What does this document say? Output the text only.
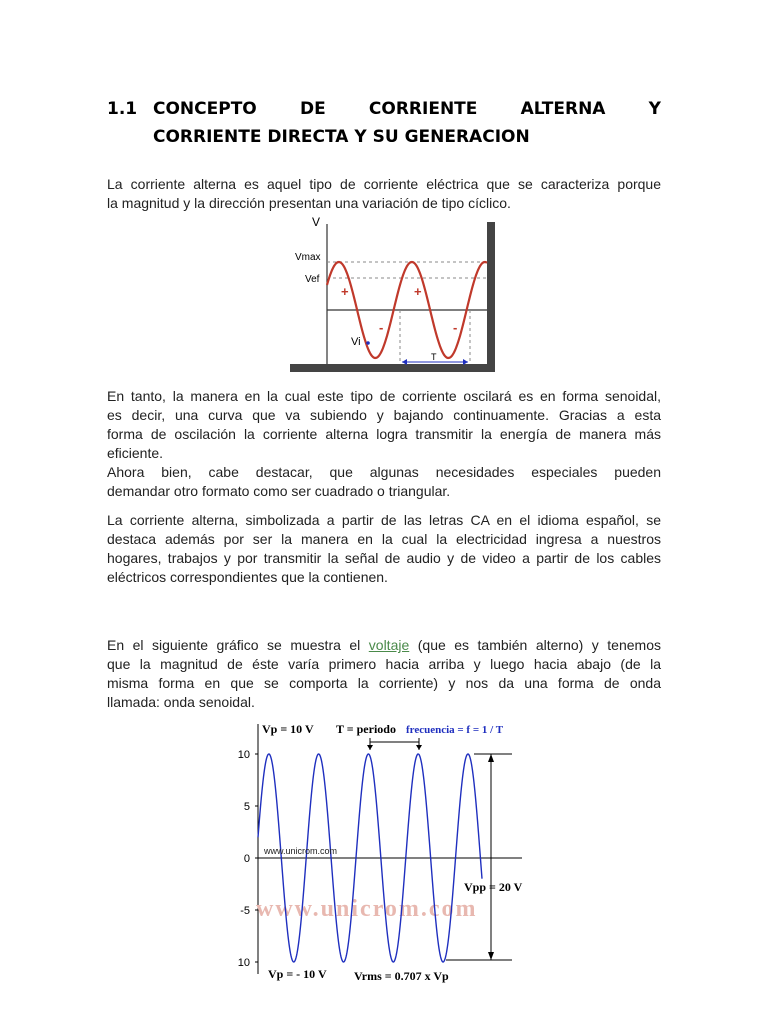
1.1 CONCEPTO DE CORRIENTE ALTERNA Y
CORRIENTE DIRECTA Y SU GENERACION
La corriente alterna es aquel tipo de corriente eléctrica que se caracteriza porque
la magnitud y la dirección presentan una variación de tipo cíclico.
V
Vmax
Vef
Vi
+	+
-	-
T
En tanto, la manera en la cual este tipo de corriente oscilará es en forma senoidal,
es decir, una curva que va subiendo y bajando continuamente. Gracias a esta
forma de oscilación la corriente alterna logra transmitir la energía de manera más
eficiente.
Ahora bien, cabe destacar, que algunas necesidades especiales pueden
demandar otro formato como ser cuadrado o triangular.
La corriente alterna, simbolizada a partir de las letras CA en el idioma español, se
destaca además por ser la manera en la cual la electricidad ingresa a nuestros
hogares, trabajos y por transmitir la señal de audio y de video a partir de los cables
eléctricos correspondientes que la contienen.
En el siguiente gráfico se muestra el voltaje (que es también alterno) y tenemos
que la magnitud de éste varía primero hacia arriba y luego hacia abajo (de la
misma forma en que se comporta la corriente) y nos da una forma de onda
llamada: onda senoidal.
10
5
0
-5
10
www.unicrom.com
www.unicrom.com
Vp = 10 V T = periodo frecuencia = f = 1 / T
Vpp = 20 V
Vp = - 10 V Vrms = 0.707 x Vp
